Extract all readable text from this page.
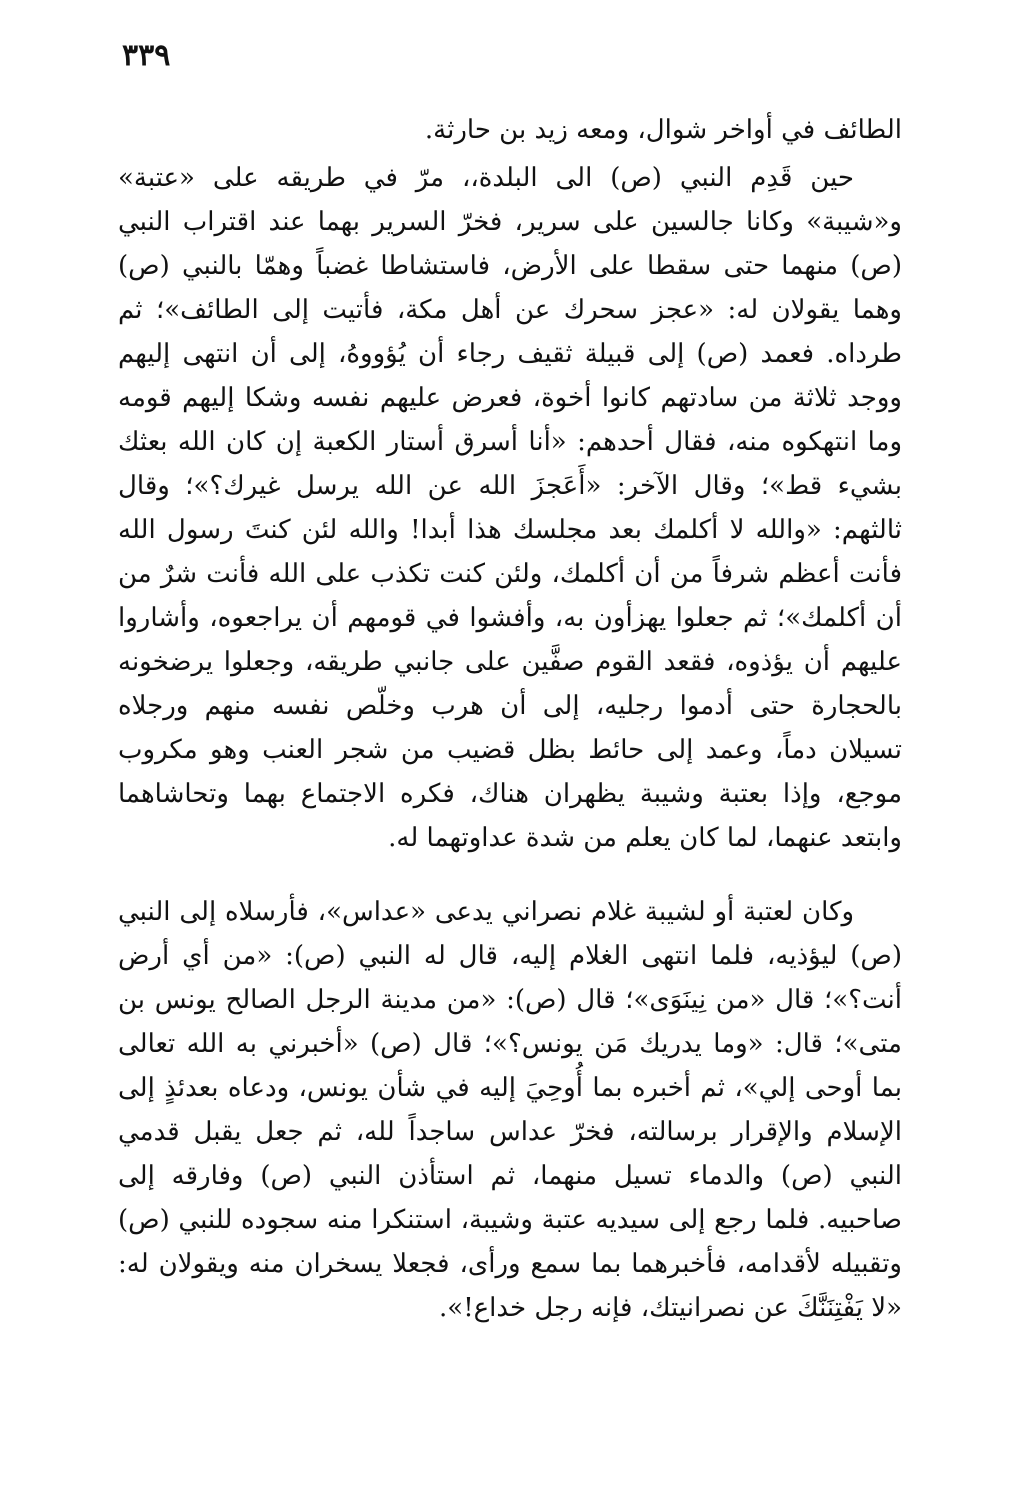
٣٣٩

الطائف في أواخر شوال، ومعه زيد بن حارثة.

حين قَدِم النبي (ص) الى البلدة،، مرّ في طريقه على «عتبة» و«شيبة» وكانا جالسين على سرير، فخرّ السرير بهما عند اقتراب النبي (ص) منهما حتى سقطا على الأرض، فاستشاطا غضباً وهمّا بالنبي (ص) وهما يقولان له: «عجز سحرك عن أهل مكة، فأتيت إلى الطائف»؛ ثم طرداه. فعمد (ص) إلى قبيلة ثقيف رجاء أن يُؤووهُ، إلى أن انتهى إليهم ووجد ثلاثة من سادتهم كانوا أخوة، فعرض عليهم نفسه وشكا إليهم قومه وما انتهكوه منه، فقال أحدهم: «أنا أسرق أستار الكعبة إن كان الله بعثك بشيء قط»؛ وقال الآخر: «أَعَجزَ الله عن الله يرسل غيرك؟»؛ وقال ثالثهم: «والله لا أكلمك بعد مجلسك هذا أبدا! والله لئن كنتَ رسول الله فأنت أعظم شرفاً من أن أكلمك، ولئن كنت تكذب على الله فأنت شرٌ من أن أكلمك»؛ ثم جعلوا يهزأون به، وأفشوا في قومهم أن يراجعوه، وأشاروا عليهم أن يؤذوه، فقعد القوم صفَّين على جانبي طريقه، وجعلوا يرضخونه بالحجارة حتى أدموا رجليه، إلى أن هرب وخلّص نفسه منهم ورجلاه تسيلان دماً، وعمد إلى حائط بظل قضيب من شجر العنب وهو مكروب موجع، وإذا بعتبة وشيبة يظهران هناك، فكره الاجتماع بهما وتحاشاهما وابتعد عنهما، لما كان يعلم من شدة عداوتهما له.

وكان لعتبة أو لشيبة غلام نصراني يدعى «عداس»، فأرسلاه إلى النبي (ص) ليؤذيه، فلما انتهى الغلام إليه، قال له النبي (ص): «من أي أرض أنت؟»؛ قال «من نِينَوَى»؛ قال (ص): «من مدينة الرجل الصالح يونس بن متى»؛ قال: «وما يدريك مَن يونس؟»؛ قال (ص) «أخبرني به الله تعالى بما أوحى إلي»، ثم أخبره بما أُوحِيَ إليه في شأن يونس، ودعاه بعدئذٍ إلى الإسلام والإقرار برسالته، فخرّ عداس ساجداً لله، ثم جعل يقبل قدمي النبي (ص) والدماء تسيل منهما، ثم استأذن النبي (ص) وفارقه إلى صاحبيه. فلما رجع إلى سيديه عتبة وشيبة، استنكرا منه سجوده للنبي (ص) وتقبيله لأقدامه، فأخبرهما بما سمع ورأى، فجعلا يسخران منه ويقولان له: «لا يَفْتِنَنَّكَ عن نصرانيتك، فإنه رجل خداع!».
